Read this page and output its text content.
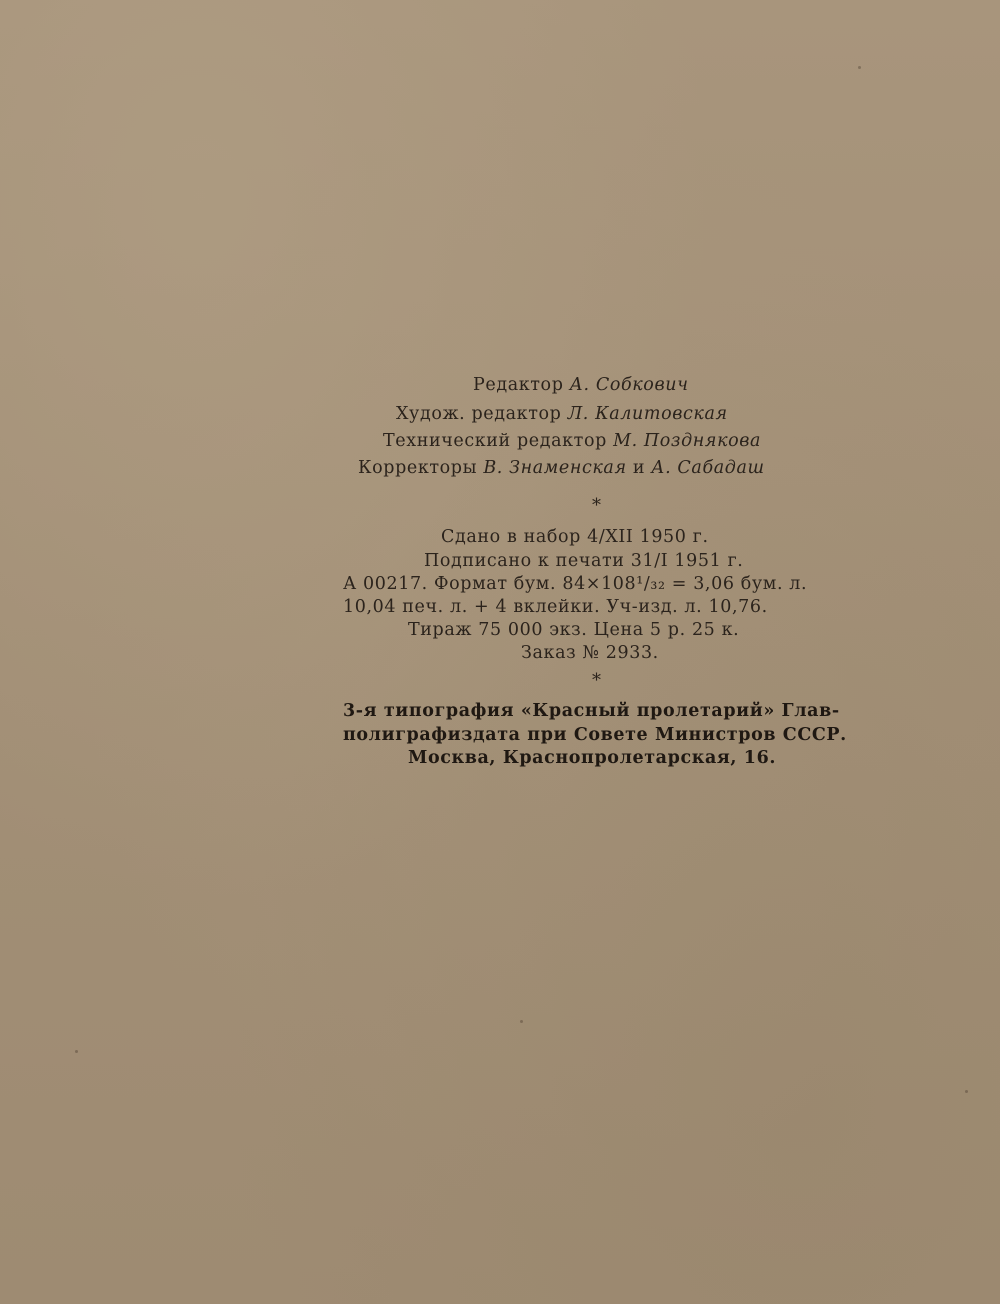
Редактор А. Собкович
Худож. редактор Л. Калитовская
Технический редактор М. Позднякова
Корректоры В. Знаменская и А. Сабадаш
*
Сдано в набор 4/XII 1950 г.
Подписано к печати 31/I 1951 г.
А 00217. Формат бум. 84×108¹/₃₂ = 3,06 бум. л.
10,04 печ. л. + 4 вклейки. Уч-изд. л. 10,76.
Тираж 75 000 экз. Цена 5 р. 25 к.
Заказ № 2933.
*
3-я типография «Красный пролетарий» Глав-
полиграфиздата при Совете Министров СССР.
Москва, Краснопролетарская, 16.
